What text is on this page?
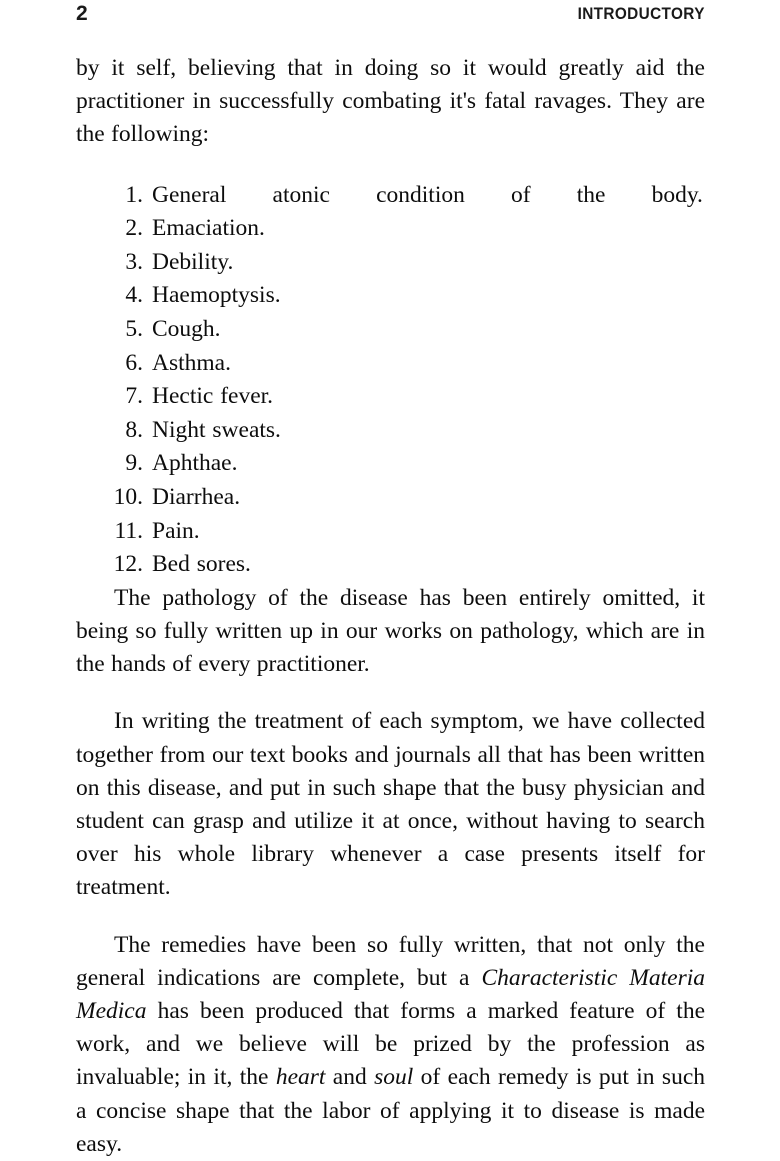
2	INTRODUCTORY

by it self, believing that in doing so it would greatly aid the practitioner in successfully combating it's fatal ravages. They are the following:

1. General atonic condition of the body.
2. Emaciation.
3. Debility.
4. Haemoptysis.
5. Cough.
6. Asthma.
7. Hectic fever.
8. Night sweats.
9. Aphthae.
10. Diarrhea.
11. Pain.
12. Bed sores.

The pathology of the disease has been entirely omitted, it being so fully written up in our works on pathology, which are in the hands of every practitioner.

In writing the treatment of each symptom, we have collected together from our text books and journals all that has been written on this disease, and put in such shape that the busy physician and student can grasp and utilize it at once, without having to search over his whole library whenever a case presents itself for treatment.

The remedies have been so fully written, that not only the general indications are complete, but a Characteristic Materia Medica has been produced that forms a marked feature of the work, and we believe will be prized by the profession as invaluable; in it, the heart and soul of each remedy is put in such a concise shape that the labor of applying it to disease is made easy.
